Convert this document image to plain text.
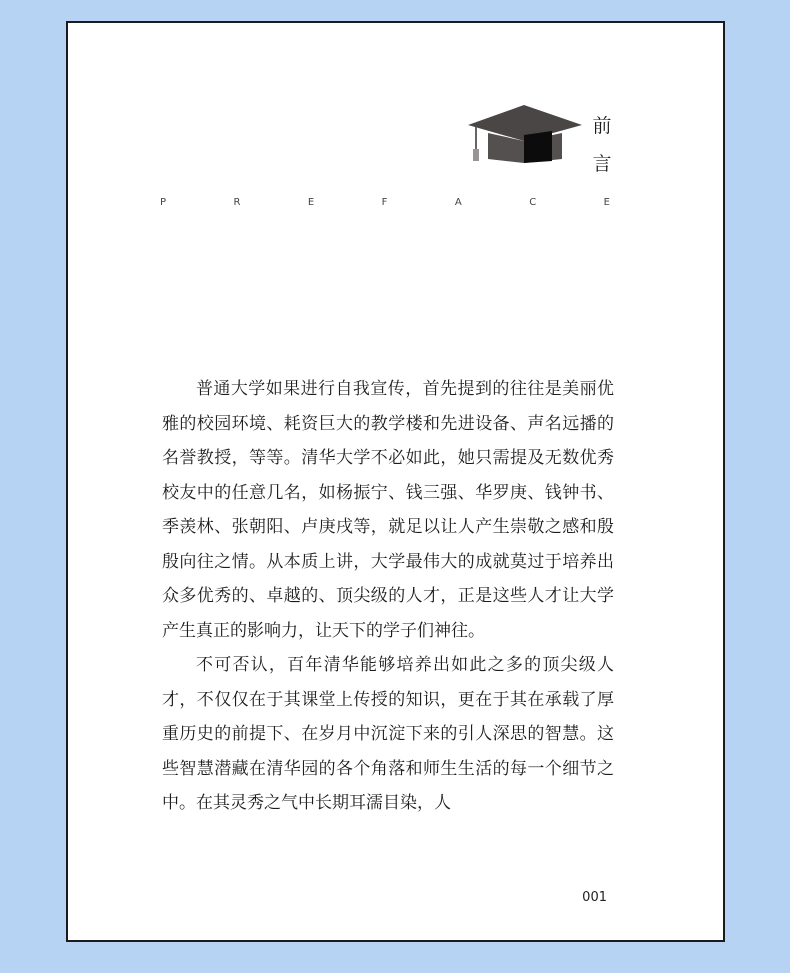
前
言
P	R	E	F	A	C	E

普通大学如果进行自我宣传，首先提到的往往是美丽优雅的校园环境、耗资巨大的教学楼和先进设备、声名远播的名誉教授，等等。清华大学不必如此，她只需提及无数优秀校友中的任意几名，如杨振宁、钱三强、华罗庚、钱钟书、季羡林、张朝阳、卢庚戌等，就足以让人产生崇敬之感和殷殷向往之情。从本质上讲，大学最伟大的成就莫过于培养出众多优秀的、卓越的、顶尖级的人才，正是这些人才让大学产生真正的影响力，让天下的学子们神往。

不可否认，百年清华能够培养出如此之多的顶尖级人才，不仅仅在于其课堂上传授的知识，更在于其在承载了厚重历史的前提下、在岁月中沉淀下来的引人深思的智慧。这些智慧潜藏在清华园的各个角落和师生生活的每一个细节之中。在其灵秀之气中长期耳濡目染，人

001
